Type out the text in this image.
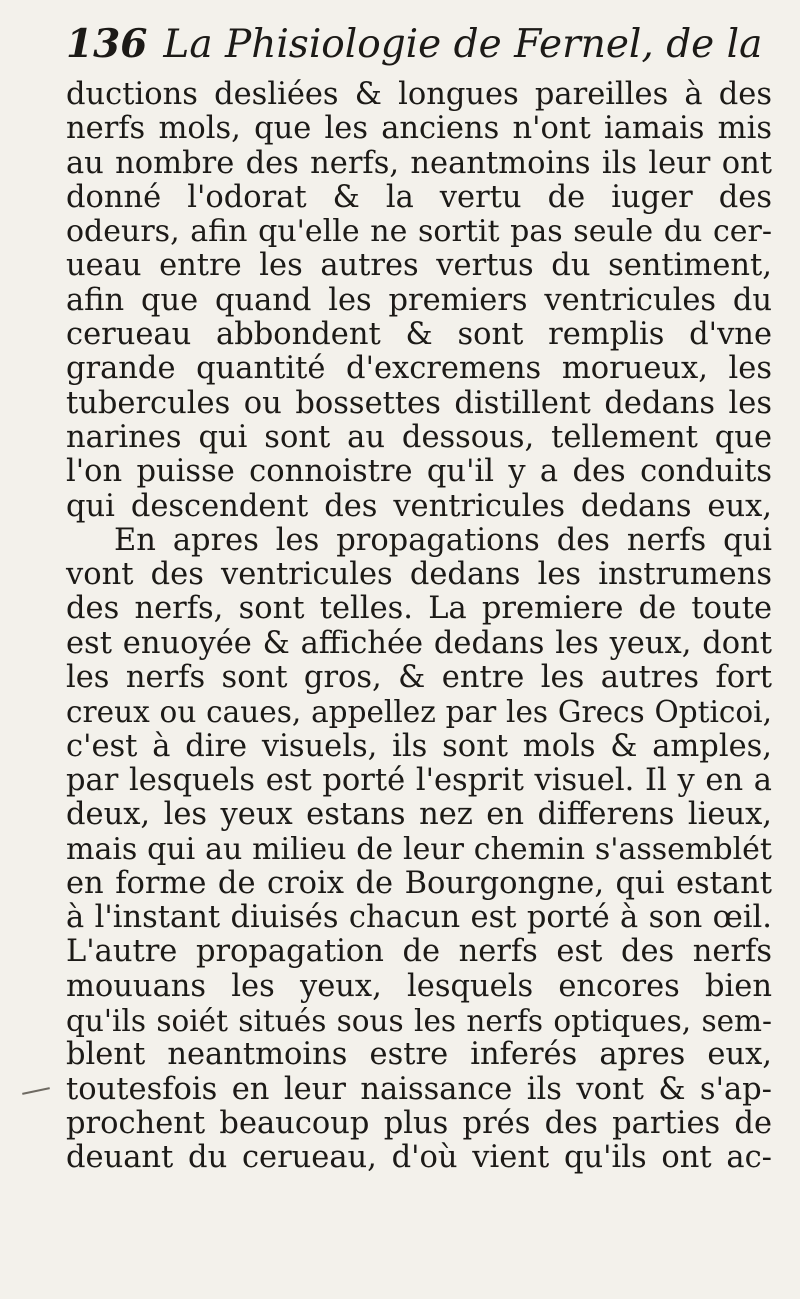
136 La Phisiologie de Fernel, de la
ductions desliées & longues pareilles à des
nerfs mols, que les anciens n'ont iamais mis
au nombre des nerfs, neantmoins ils leur ont
donné l'odorat & la vertu de iuger des
odeurs, afin qu'elle ne sortit pas seule du cer-
ueau entre les autres vertus du sentiment,
afin que quand les premiers ventricules du
cerueau abbondent & sont remplis d'vne
grande quantité d'excremens morueux, les
tubercules ou bossettes distillent dedans les
narines qui sont au dessous, tellement que
l'on puisse connoistre qu'il y a des conduits
qui descendent des ventricules dedans eux,
En apres les propagations des nerfs qui
vont des ventricules dedans les instrumens
des nerfs, sont telles. La premiere de toute
est enuoyée & affichée dedans les yeux, dont
les nerfs sont gros, & entre les autres fort
creux ou caues, appellez par les Grecs Opticoi,
c'est à dire visuels, ils sont mols & amples,
par lesquels est porté l'esprit visuel. Il y en a
deux, les yeux estans nez en differens lieux,
mais qui au milieu de leur chemin s'assemblét
en forme de croix de Bourgongne, qui estant
à l'instant diuisés chacun est porté à son œil.
L'autre propagation de nerfs est des nerfs
mouuans les yeux, lesquels encores bien
qu'ils soiét situés sous les nerfs optiques, sem-
blent neantmoins estre inferés apres eux,
toutesfois en leur naissance ils vont & s'ap-
prochent beaucoup plus prés des parties de
deuant du cerueau, d'où vient qu'ils ont ac-
